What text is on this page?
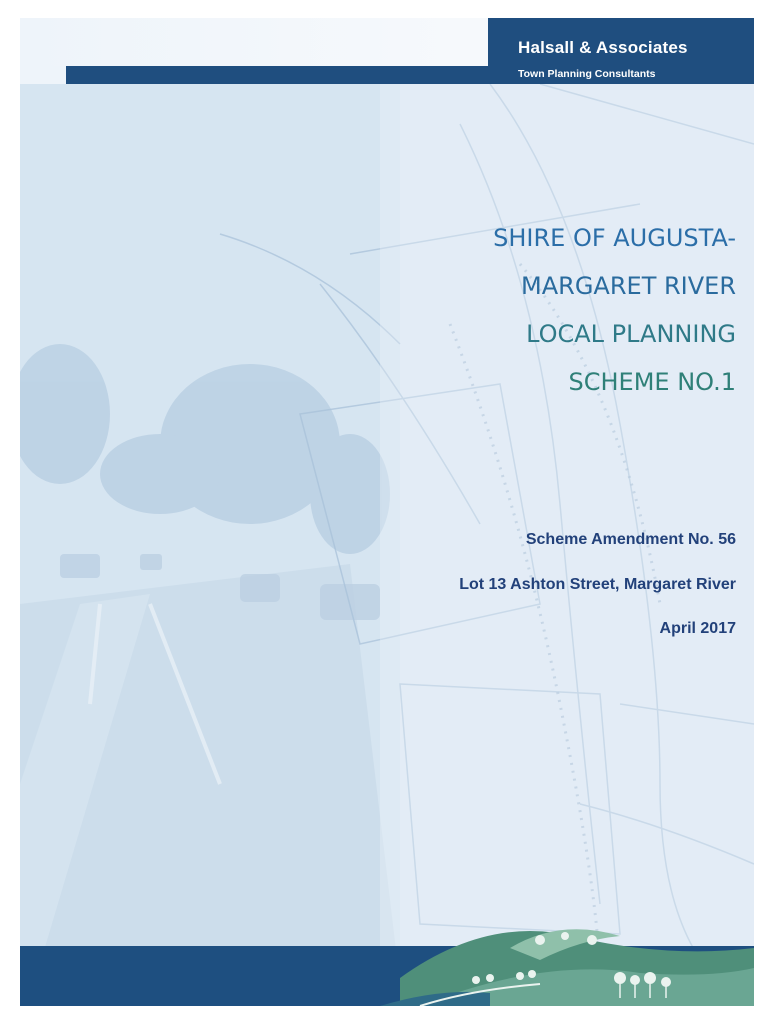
Halsall & Associates
Town Planning Consultants
SHIRE OF AUGUSTA-
MARGARET RIVER
LOCAL PLANNING
SCHEME NO.1
Scheme Amendment No. 56
Lot 13 Ashton Street, Margaret River
April 2017
